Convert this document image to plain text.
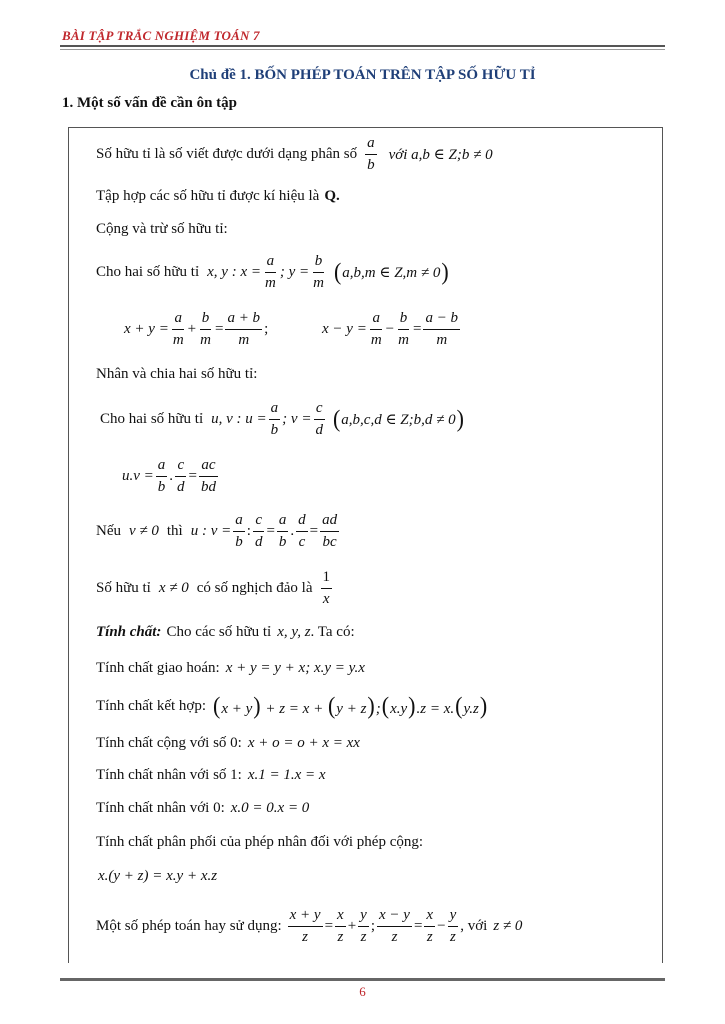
BÀI TẬP TRẮC NGHIỆM TOÁN 7
Chủ đề 1. BỐN PHÉP TOÁN TRÊN TẬP SỐ HỮU TỈ
1. Một số vấn đề cần ôn tập
Số hữu tỉ là số viết được dưới dạng phân số $\frac{a}{b}$ với a,b ∈ Z;b ≠ 0
Tập hợp các số hữu tỉ được kí hiệu là Q.
Cộng và trừ số hữu tỉ:
Cho hai số hữu tỉ x, y : $x = \frac{a}{m}$ ; $y = \frac{b}{m}$ ( a,b,m ∈ Z,m ≠ 0 )
$x + y = \frac{a}{m} + \frac{b}{m} = \frac{a + b}{m}$ ;	$x - y = \frac{a}{m} - \frac{b}{m} = \frac{a - b}{m}$
Nhân và chia hai số hữu tỉ:
Cho hai số hữu tỉ u, v : $u = \frac{a}{b}$ ; $v = \frac{c}{d}$ ( a,b,c,d ∈ Z;b,d ≠ 0 )
$u.v = \frac{a}{b}$ . $\frac{c}{d} = \frac{ac}{bd}$
Nếu v ≠ 0 thì u : $v = \frac{a}{b}$ : $\frac{c}{d} = \frac{a}{b}$ . $\frac{d}{c} = \frac{ad}{bc}$
Số hữu tỉ x ≠ 0 có số nghịch đảo là $\frac{1}{x}$
Tính chất: Cho các số hữu tỉ x, y, z . Ta có:
Tính chất giao hoán: x + y = y + x; x.y = y.x
Tính chất kết hợp: (x + y) + z = x + (y + z);(x.y).z = x.(y.z)
Tính chất cộng với số 0: x + o = o + x = xx
Tính chất nhân với số 1: x.1 = 1.x = x
Tính chất nhân với 0: x.0 = 0.x = 0
Tính chất phân phối của phép nhân đối với phép cộng:
x.(y + z) = x.y + x.z
Một số phép toán hay sử dụng: $\frac{x + y}{z} = \frac{x}{z} + \frac{y}{z}$ ; $\frac{x - y}{z} = \frac{x}{z} - \frac{y}{z}$ , với z ≠ 0
6
